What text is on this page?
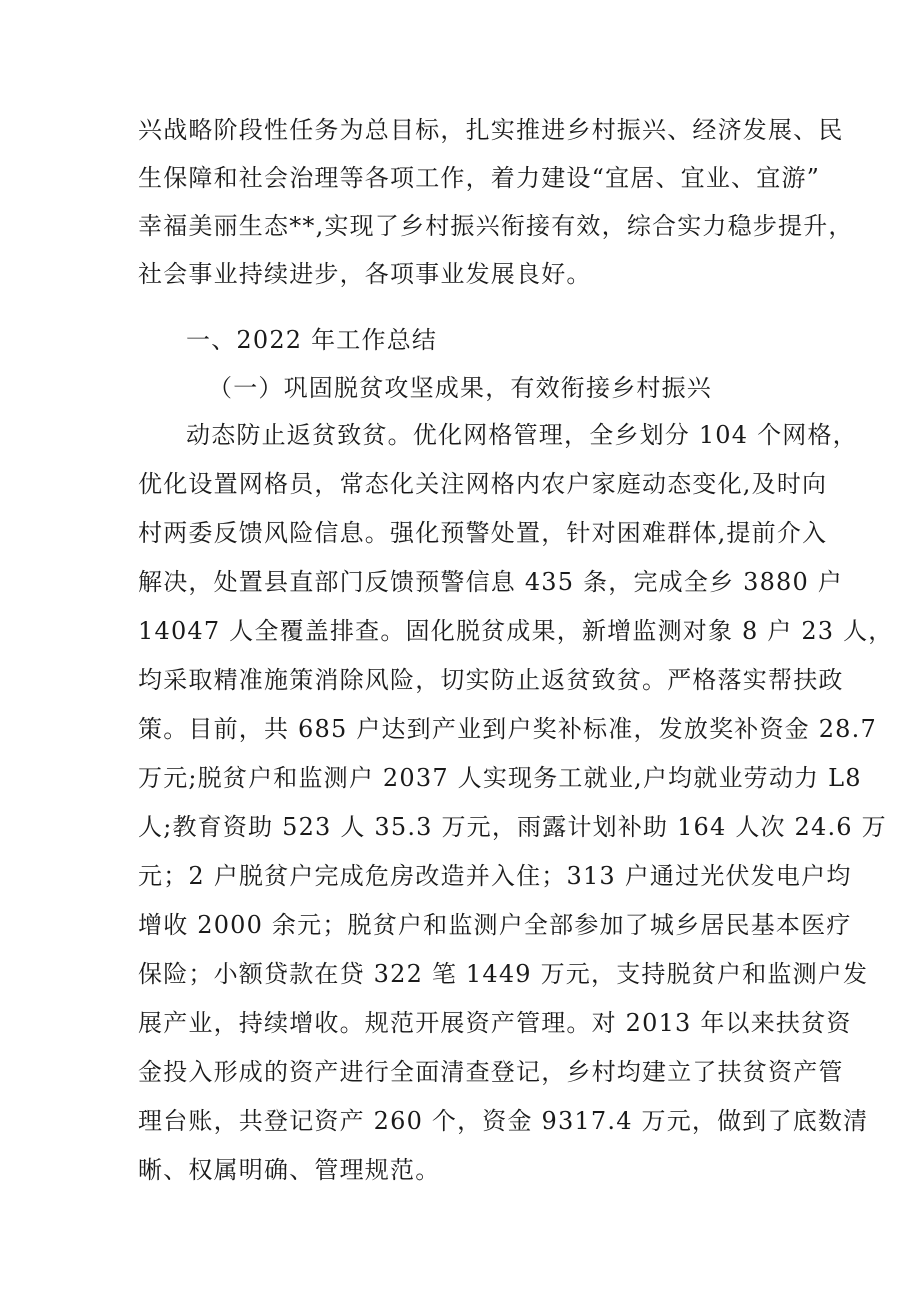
兴战略阶段性任务为总目标，扎实推进乡村振兴、经济发展、民
生保障和社会治理等各项工作，着力建设“宜居、宜业、宜游”
幸福美丽生态**,实现了乡村振兴衔接有效，综合实力稳步提升，
社会事业持续进步，各项事业发展良好。
一、2022 年工作总结
（一）巩固脱贫攻坚成果，有效衔接乡村振兴
动态防止返贫致贫。优化网格管理，全乡划分 104 个网格，
优化设置网格员，常态化关注网格内农户家庭动态变化,及时向
村两委反馈风险信息。强化预警处置，针对困难群体,提前介入
解决，处置县直部门反馈预警信息 435 条，完成全乡 3880 户
14047 人全覆盖排查。固化脱贫成果，新增监测对象 8 户 23 人，
均采取精准施策消除风险，切实防止返贫致贫。严格落实帮扶政
策。目前，共 685 户达到产业到户奖补标准，发放奖补资金 28.7
万元;脱贫户和监测户 2037 人实现务工就业,户均就业劳动力 L8
人;教育资助 523 人 35.3 万元，雨露计划补助 164 人次 24.6 万
元；2 户脱贫户完成危房改造并入住；313 户通过光伏发电户均
增收 2000 余元；脱贫户和监测户全部参加了城乡居民基本医疗
保险；小额贷款在贷 322 笔 1449 万元，支持脱贫户和监测户发
展产业，持续增收。规范开展资产管理。对 2013 年以来扶贫资
金投入形成的资产进行全面清查登记，乡村均建立了扶贫资产管
理台账，共登记资产 260 个，资金 9317.4 万元，做到了底数清
晰、权属明确、管理规范。
